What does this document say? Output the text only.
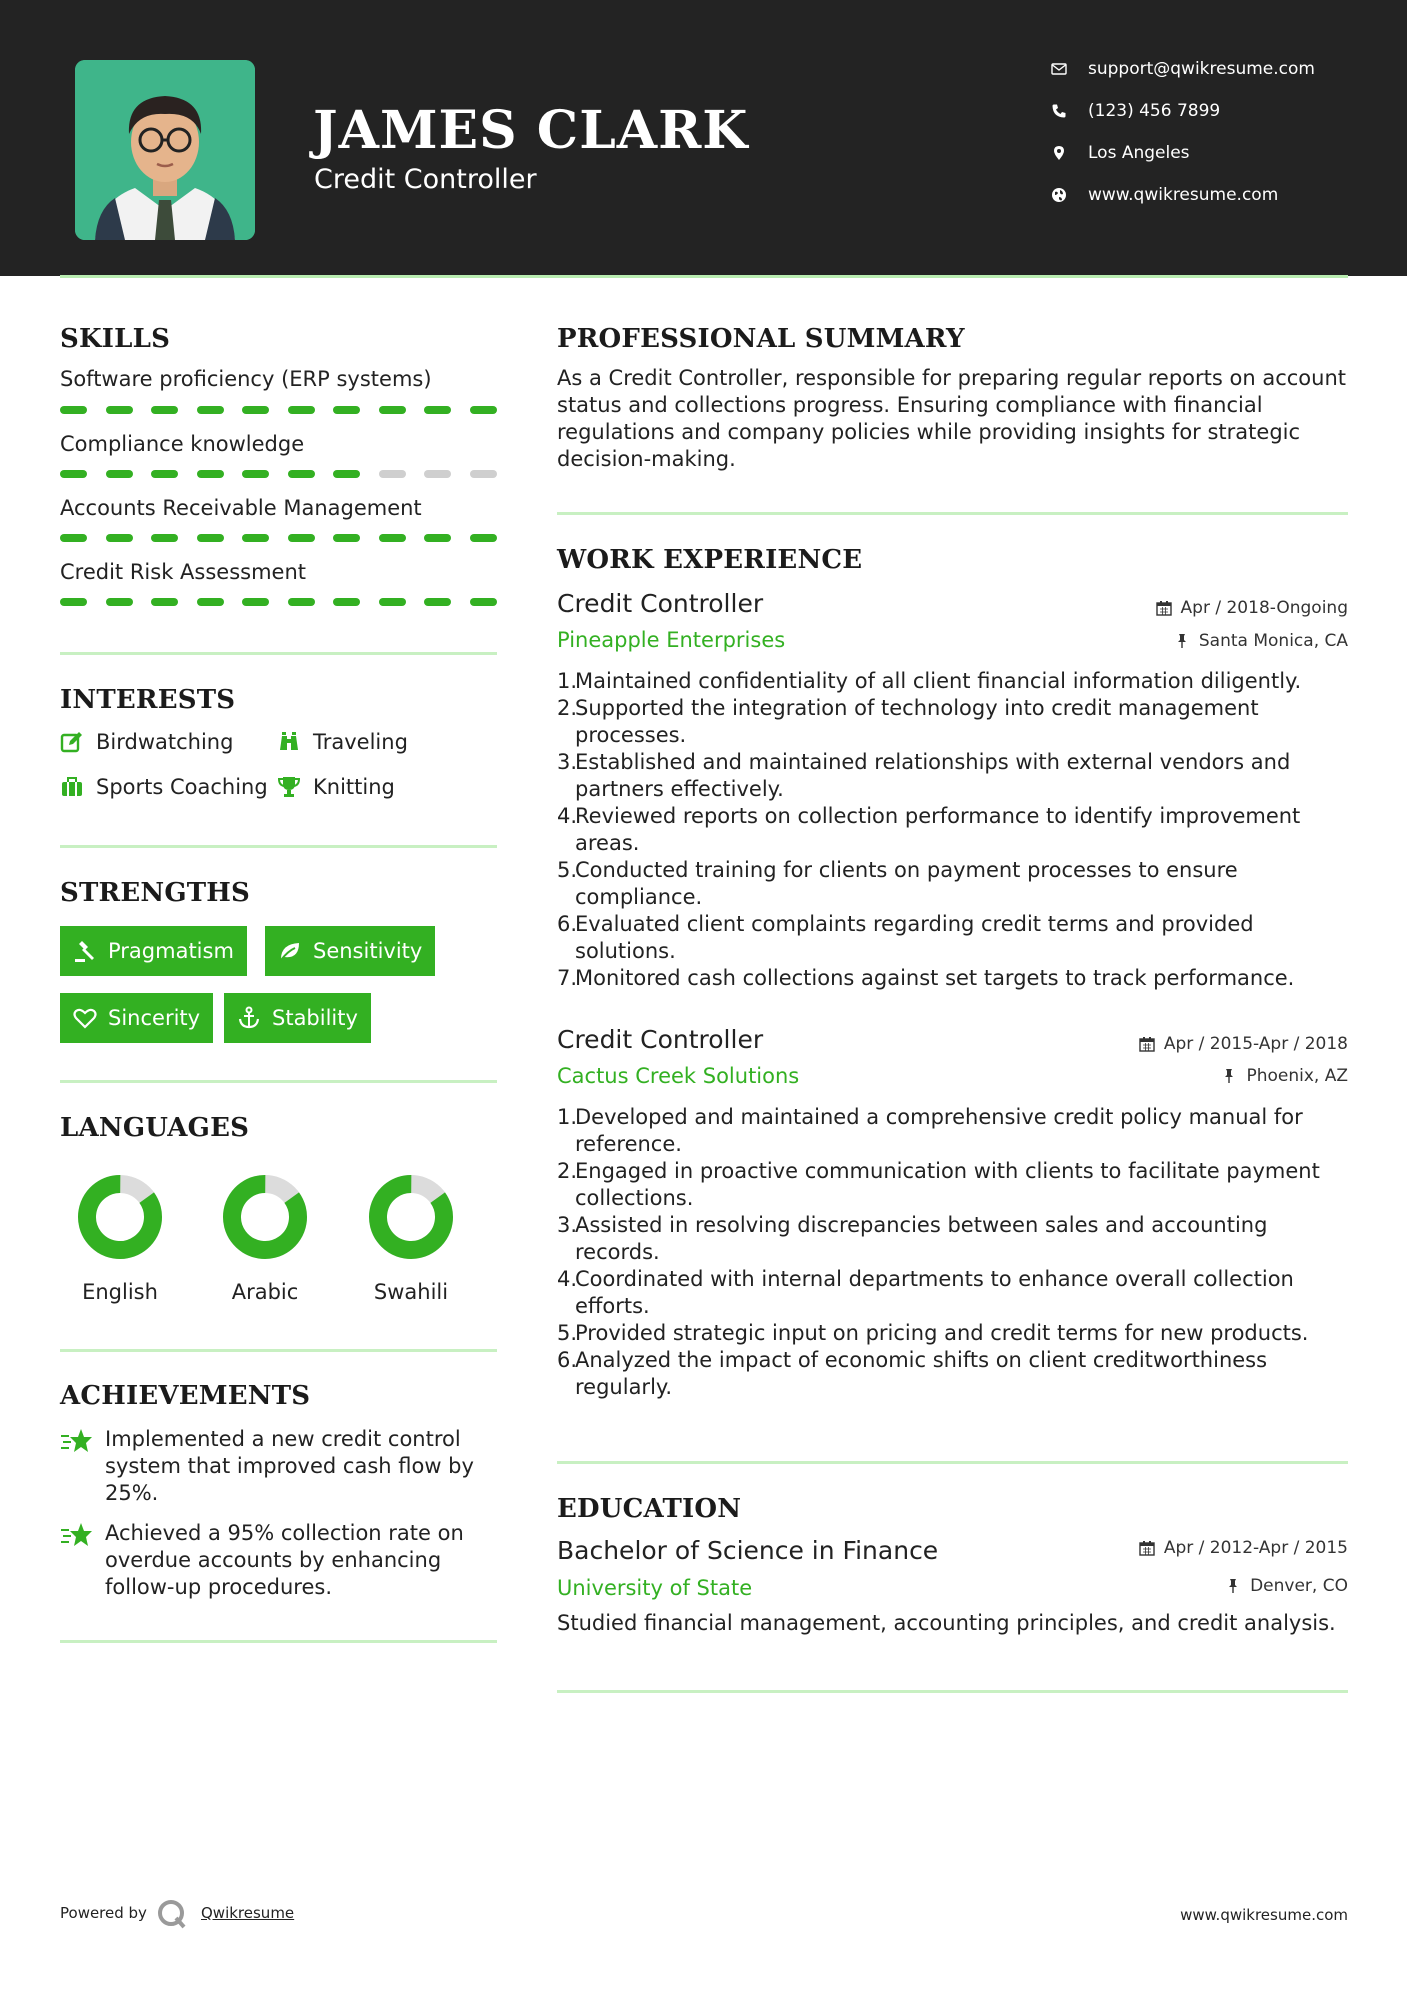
JAMES CLARK
Credit Controller
support@qwikresume.com
(123) 456 7899
Los Angeles
www.qwikresume.com
SKILLS
Software proficiency (ERP systems)
Compliance knowledge
Accounts Receivable Management
Credit Risk Assessment
INTERESTS
Birdwatching	Traveling
Sports Coaching Knitting
STRENGTHS
Pragmatism	Sensitivity
Sincerity	Stability
LANGUAGES
English	Arabic	Swahili
ACHIEVEMENTS
Implemented a new credit control system that improved cash flow by 25%.
Achieved a 95% collection rate on overdue accounts by enhancing follow-up procedures.
PROFESSIONAL SUMMARY
As a Credit Controller, responsible for preparing regular reports on account status and collections progress. Ensuring compliance with financial regulations and company policies while providing insights for strategic decision-making.
WORK EXPERIENCE
Credit Controller	Apr / 2018-Ongoing
Pineapple Enterprises	Santa Monica, CA
1.
Maintained confidentiality of all client financial information diligently.
2.
Supported the integration of technology into credit management processes.
3.
Established and maintained relationships with external vendors and partners effectively.
4.
Reviewed reports on collection performance to identify improvement areas.
5.
Conducted training for clients on payment processes to ensure compliance.
6.
Evaluated client complaints regarding credit terms and provided solutions.
7.
Monitored cash collections against set targets to track performance.
Credit Controller	Apr / 2015-Apr / 2018
Cactus Creek Solutions	Phoenix, AZ
1.
Developed and maintained a comprehensive credit policy manual for reference.
2.
Engaged in proactive communication with clients to facilitate payment collections.
3.
Assisted in resolving discrepancies between sales and accounting records.
4.
Coordinated with internal departments to enhance overall collection efforts.
5.
Provided strategic input on pricing and credit terms for new products.
6.
Analyzed the impact of economic shifts on client creditworthiness regularly.
EDUCATION
Bachelor of Science in Finance	Apr / 2012-Apr / 2015
University of State	Denver, CO
Studied financial management, accounting principles, and credit analysis.
Powered by	Qwikresume	www.qwikresume.com
